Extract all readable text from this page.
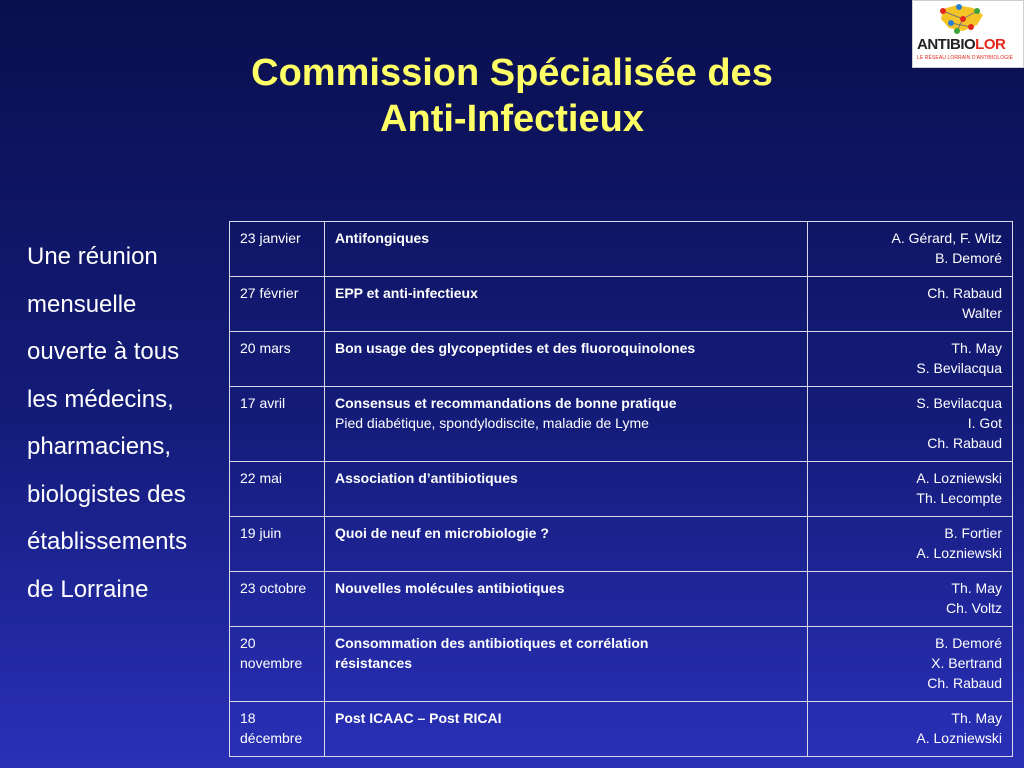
Commission Spécialisée des
Anti-Infectieux
ANTIBIOLOR
LE RÉSEAU LORRAIN D'ANTIBIOLOGIE
Une réunion
mensuelle
ouverte à tous
les médecins,
pharmaciens,
biologistes des
établissements
de Lorraine
23 janvier	Antifongiques	A. Gérard, F. Witz
B. Demoré

27 février	EPP et anti-infectieux	Ch. Rabaud
Walter

20 mars	Bon usage des glycopeptides et des fluoroquinolones	Th. May
S. Bevilacqua

17 avril	Consensus et recommandations de bonne pratique
Pied diabétique, spondylodiscite, maladie de Lyme	S. Bevilacqua
I. Got
Ch. Rabaud

22 mai	Association d’antibiotiques	A. Lozniewski
Th. Lecompte

19 juin	Quoi de neuf en microbiologie ?	B. Fortier
A. Lozniewski

23 octobre	Nouvelles molécules antibiotiques	Th. May
Ch. Voltz

20
novembre	Consommation des antibiotiques et corrélation
résistances	B. Demoré
X. Bertrand
Ch. Rabaud

18
décembre	Post ICAAC – Post RICAI	Th. May
A. Lozniewski
